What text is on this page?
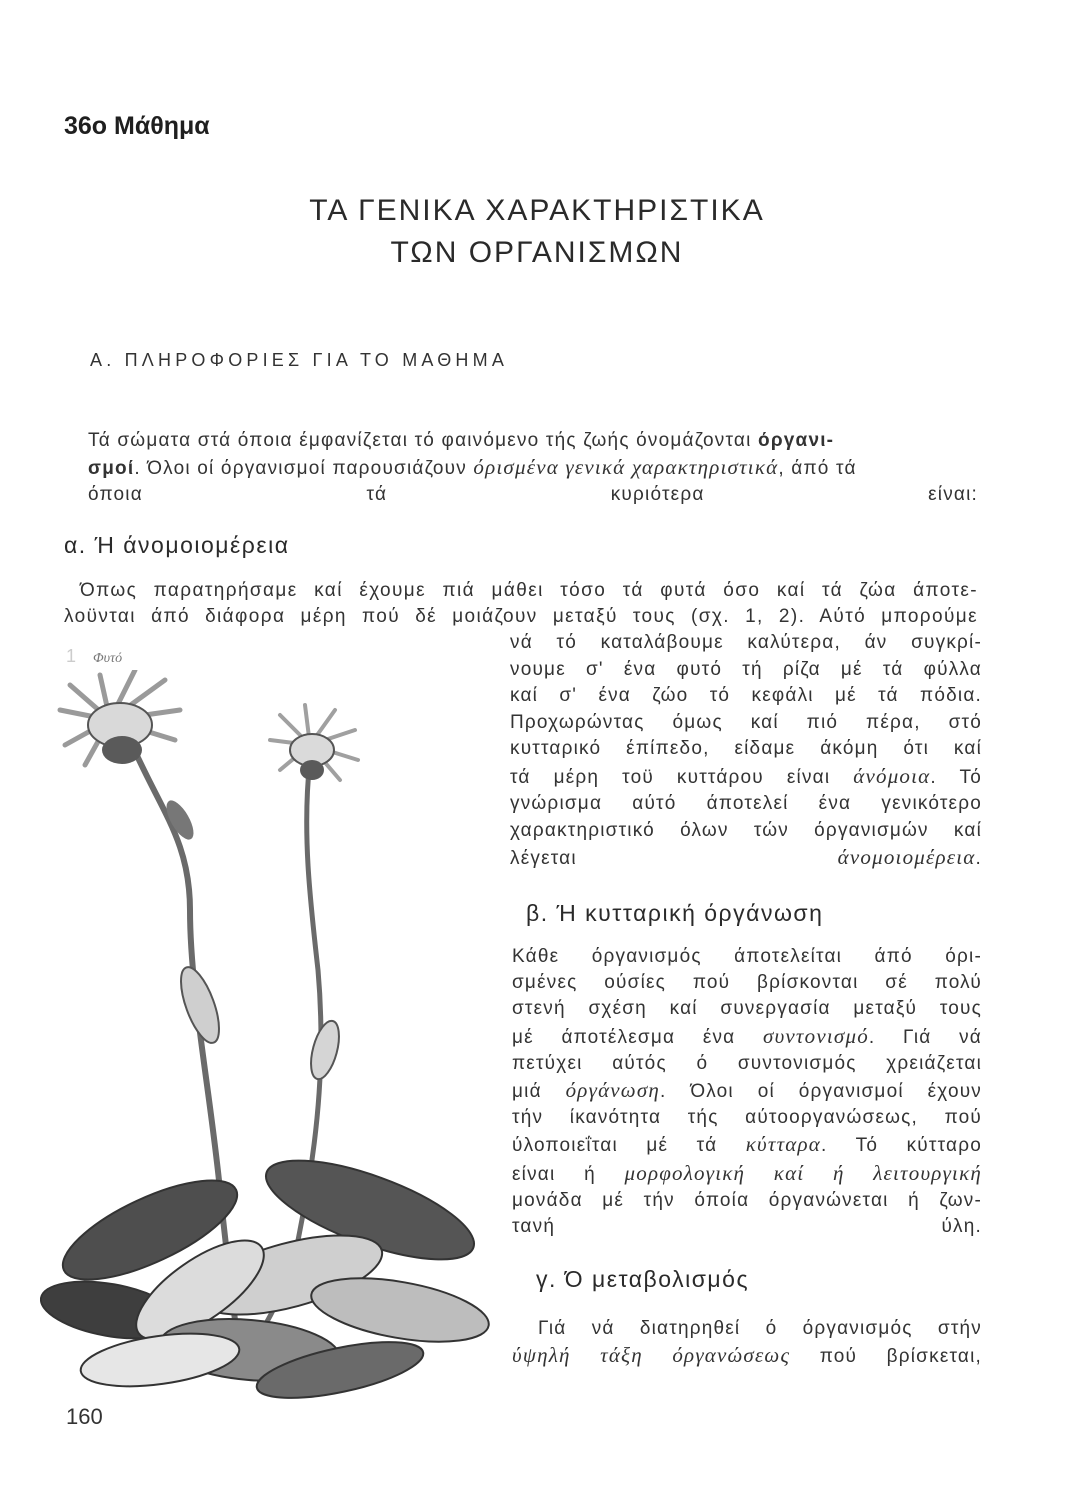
36ο Μάθημα
ΤΑ ΓΕΝΙΚΑ ΧΑΡΑΚΤΗΡΙΣΤΙΚΑ
ΤΩΝ ΟΡΓΑΝΙΣΜΩΝ
Α. ΠΛΗΡΟΦΟΡΙΕΣ ΓΙΑ ΤΟ ΜΑΘΗΜΑ
Τά σώματα στά όποια έμφανίζεται τό φαινόμενο τής ζωής όνομάζονται όργανι-
σμοί. Όλοι οί όργανισμοί παρουσιάζουν όρισμένα γενικά χαρακτηριστικά, άπό τά
όποια τά κυριότερα είναι:
α. Ή άνομοιομέρεια
Όπως παρατηρήσαμε καί έχουμε πιά μάθει τόσο τά φυτά όσο καί τά ζώα άποτε-
λοϋνται άπό διάφορα μέρη πού δέ μοιάζουν μεταξύ τους (σχ. 1, 2). Αύτό μπορούμε
νά τό καταλάβουμε καλύτερα, άν συγκρί-
νουμε σ' ένα φυτό τή ρίζα μέ τά φύλλα
καί σ' ένα ζώο τό κεφάλι μέ τά πόδια.
Προχωρώντας όμως καί πιό πέρα, στό
κυτταρικό έπίπεδο, είδαμε άκόμη ότι καί
τά μέρη τοϋ κυττάρου είναι άνόμοια. Τό
γνώρισμα αύτό άποτελεί ένα γενικότερο
χαρακτηριστικό όλων τών όργανισμών καί
λέγεται άνομοιομέρεια.
1 Φυτό
β. Ή κυτταρική όργάνωση
Κάθε όργανισμός άποτελείται άπό όρι-
σμένες ούσίες πού βρίσκονται σέ πολύ
στενή σχέση καί συνεργασία μεταξύ τους
μέ άποτέλεσμα ένα συντονισμό. Γιά νά
πετύχει αύτός ό συντονισμός χρειάζεται
μιά όργάνωση. Όλοι οί όργανισμοί έχουν
τήν ίκανότητα τής αύτοοργανώσεως, πού
ύλοποιεΐται μέ τά κύτταρα. Τό κύτταρο
είναι ή μορφολογική καί ή λειτουργική
μονάδα μέ τήν όποία όργανώνεται ή ζων-
τανή ύλη.
γ. Ό μεταβολισμός
Γιά νά διατηρηθεί ό όργανισμός στήν
ύψηλή τάξη όργανώσεως πού βρίσκεται,
160
